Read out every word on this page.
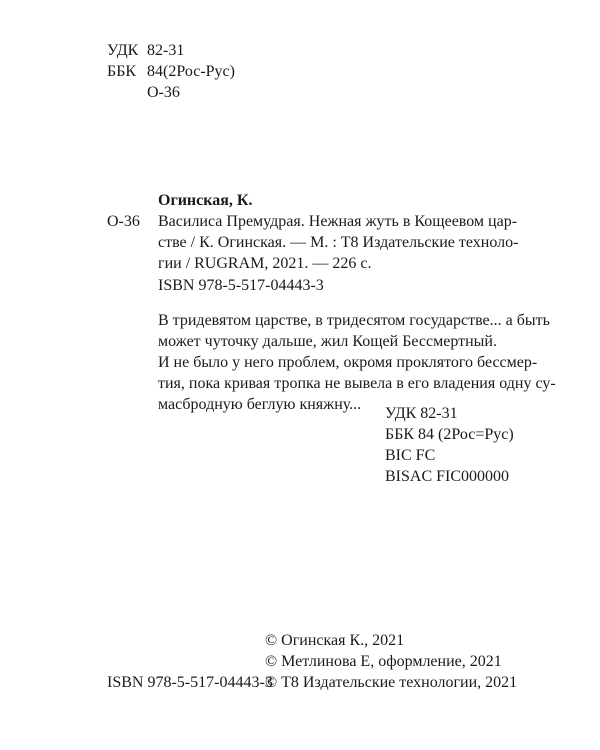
УДК 82-31
ББК 84(2Рос-Рус)
О-36
Огинская, К.
О-36 Василиса Премудрая. Нежная жуть в Кощеевом цар-
стве / К. Огинская. — М. : Т8 Издательские техноло-
гии / RUGRAM, 2021. — 226 с.
ISBN 978-5-517-04443-3
В тридевятом царстве, в тридесятом государстве... а быть
может чуточку дальше, жил Кощей Бессмертный.
И не было у него проблем, окромя проклятого бессмер-
тия, пока кривая тропка не вывела в его владения одну су-
масбродную беглую княжну...
УДК 82-31
ББК 84 (2Рос=Рус)
BIC FC
BISAC FIC000000
© Огинская К., 2021
© Метлинова Е, оформление, 2021
© Т8 Издательские технологии, 2021
ISBN 978-5-517-04443-3
